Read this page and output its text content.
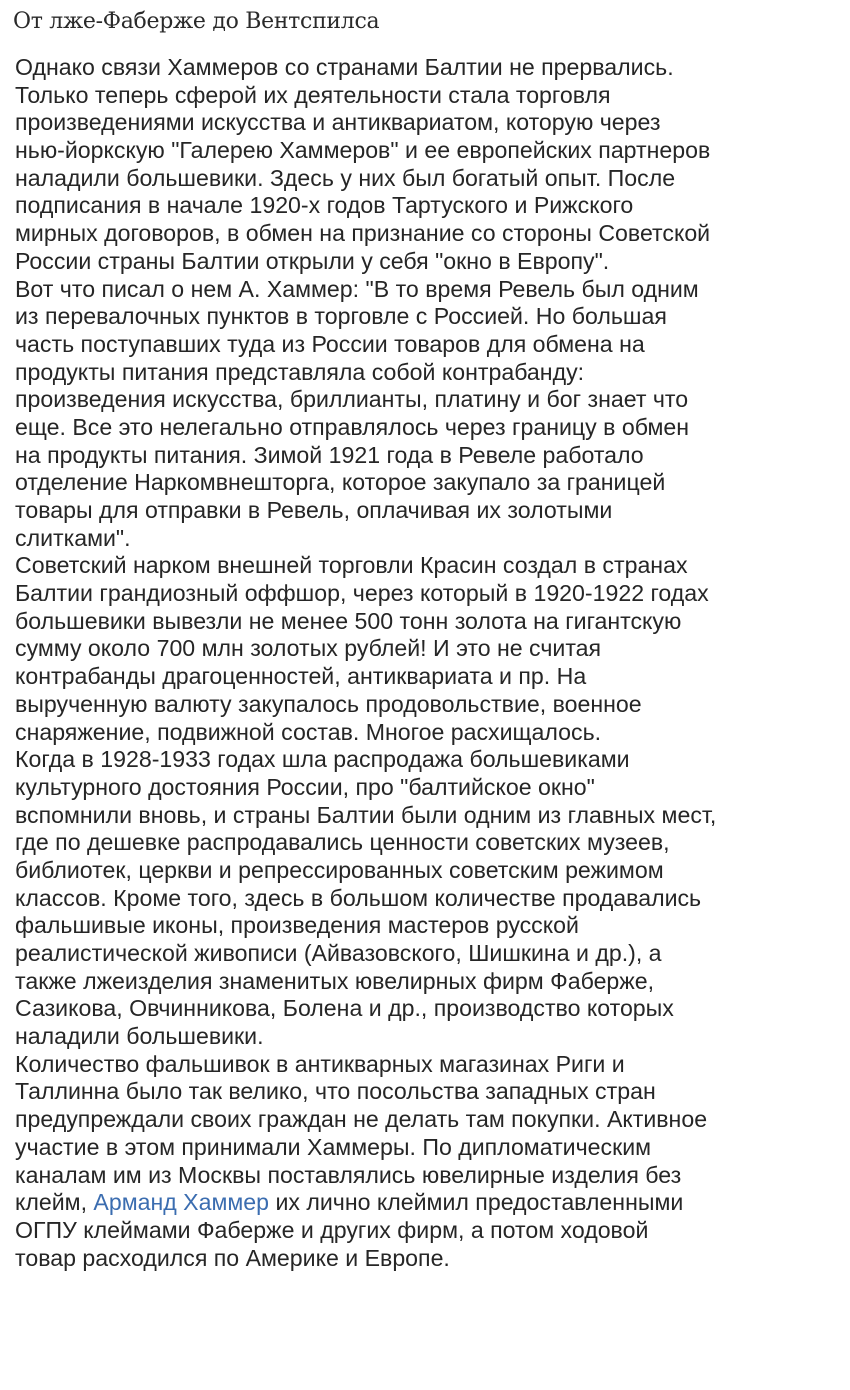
От лже-Фаберже до Вентспилса
Однако связи Хаммеров со странами Балтии не прервались.
Только теперь сферой их деятельности стала торговля
произведениями искусства и антиквариатом, которую через
нью-йоркскую "Галерею Хаммеров" и ее европейских партнеров
наладили большевики. Здесь у них был богатый опыт. После
подписания в начале 1920-х годов Тартуского и Рижского
мирных договоров, в обмен на признание со стороны Советской
России страны Балтии открыли у себя "окно в Европу".
Вот что писал о нем А. Хаммер: "В то время Ревель был одним
из перевалочных пунктов в торговле с Россией. Но большая
часть поступавших туда из России товаров для обмена на
продукты питания представляла собой контрабанду:
произведения искусства, бриллианты, платину и бог знает что
еще. Все это нелегально отправлялось через границу в обмен
на продукты питания. Зимой 1921 года в Ревеле работало
отделение Наркомвнешторга, которое закупало за границей
товары для отправки в Ревель, оплачивая их золотыми
слитками".
Советский нарком внешней торговли Красин создал в странах
Балтии грандиозный оффшор, через который в 1920-1922 годах
большевики вывезли не менее 500 тонн золота на гигантскую
сумму около 700 млн золотых рублей! И это не считая
контрабанды драгоценностей, антиквариата и пр. На
вырученную валюту закупалось продовольствие, военное
снаряжение, подвижной состав. Многое расхищалось.
Когда в 1928-1933 годах шла распродажа большевиками
культурного достояния России, про "балтийское окно"
вспомнили вновь, и страны Балтии были одним из главных мест,
где по дешевке распродавались ценности советских музеев,
библиотек, церкви и репрессированных советским режимом
классов. Кроме того, здесь в большом количестве продавались
фальшивые иконы, произведения мастеров русской
реалистической живописи (Айвазовского, Шишкина и др.), а
также лжеизделия знаменитых ювелирных фирм Фаберже,
Сазикова, Овчинникова, Болена и др., производство которых
наладили большевики.
Количество фальшивок в антикварных магазинах Риги и
Таллинна было так велико, что посольства западных стран
предупреждали своих граждан не делать там покупки. Активное
участие в этом принимали Хаммеры. По дипломатическим
каналам им из Москвы поставлялись ювелирные изделия без
клейм, Арманд Хаммер их лично клеймил предоставленными
ОГПУ клеймами Фаберже и других фирм, а потом ходовой
товар расходился по Америке и Европе.
